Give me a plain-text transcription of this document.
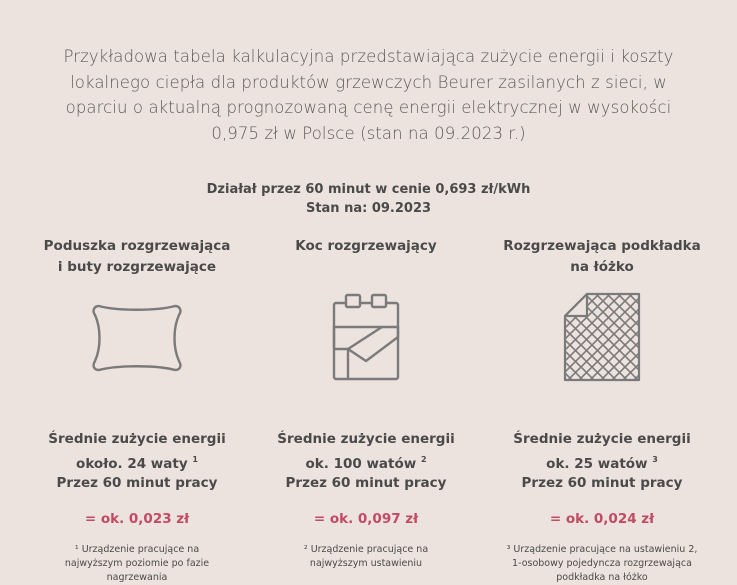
Przykładowa tabela kalkulacyjna przedstawiająca zużycie energii i koszty
lokalnego ciepła dla produktów grzewczych Beurer zasilanych z sieci, w
oparciu o aktualną prognozowaną cenę energii elektrycznej w wysokości
0,975 zł w Polsce (stan na 09.2023 r.)
Działał przez 60 minut w cenie 0,693 zł/kWh
Stan na: 09.2023
Poduszka rozgrzewająca
i buty rozgrzewające
Średnie zużycie energii
około. 24 waty $^1$
Przez 60 minut pracy
= ok. 0,023 zł
¹ Urządzenie pracujące na
najwyższym poziomie po fazie
nagrzewania
Koc rozgrzewający
Średnie zużycie energii
ok. 100 watów $^2$
Przez 60 minut pracy
= ok. 0,097 zł
² Urządzenie pracujące na
najwyższym ustawieniu
Rozgrzewająca podkładka
na łóżko
Średnie zużycie energii
ok. 25 watów $^3$
Przez 60 minut pracy
= ok. 0,024 zł
³ Urządzenie pracujące na ustawieniu 2,
1-osobowy pojedyncza rozgrzewająca
podkładka na łóżko
